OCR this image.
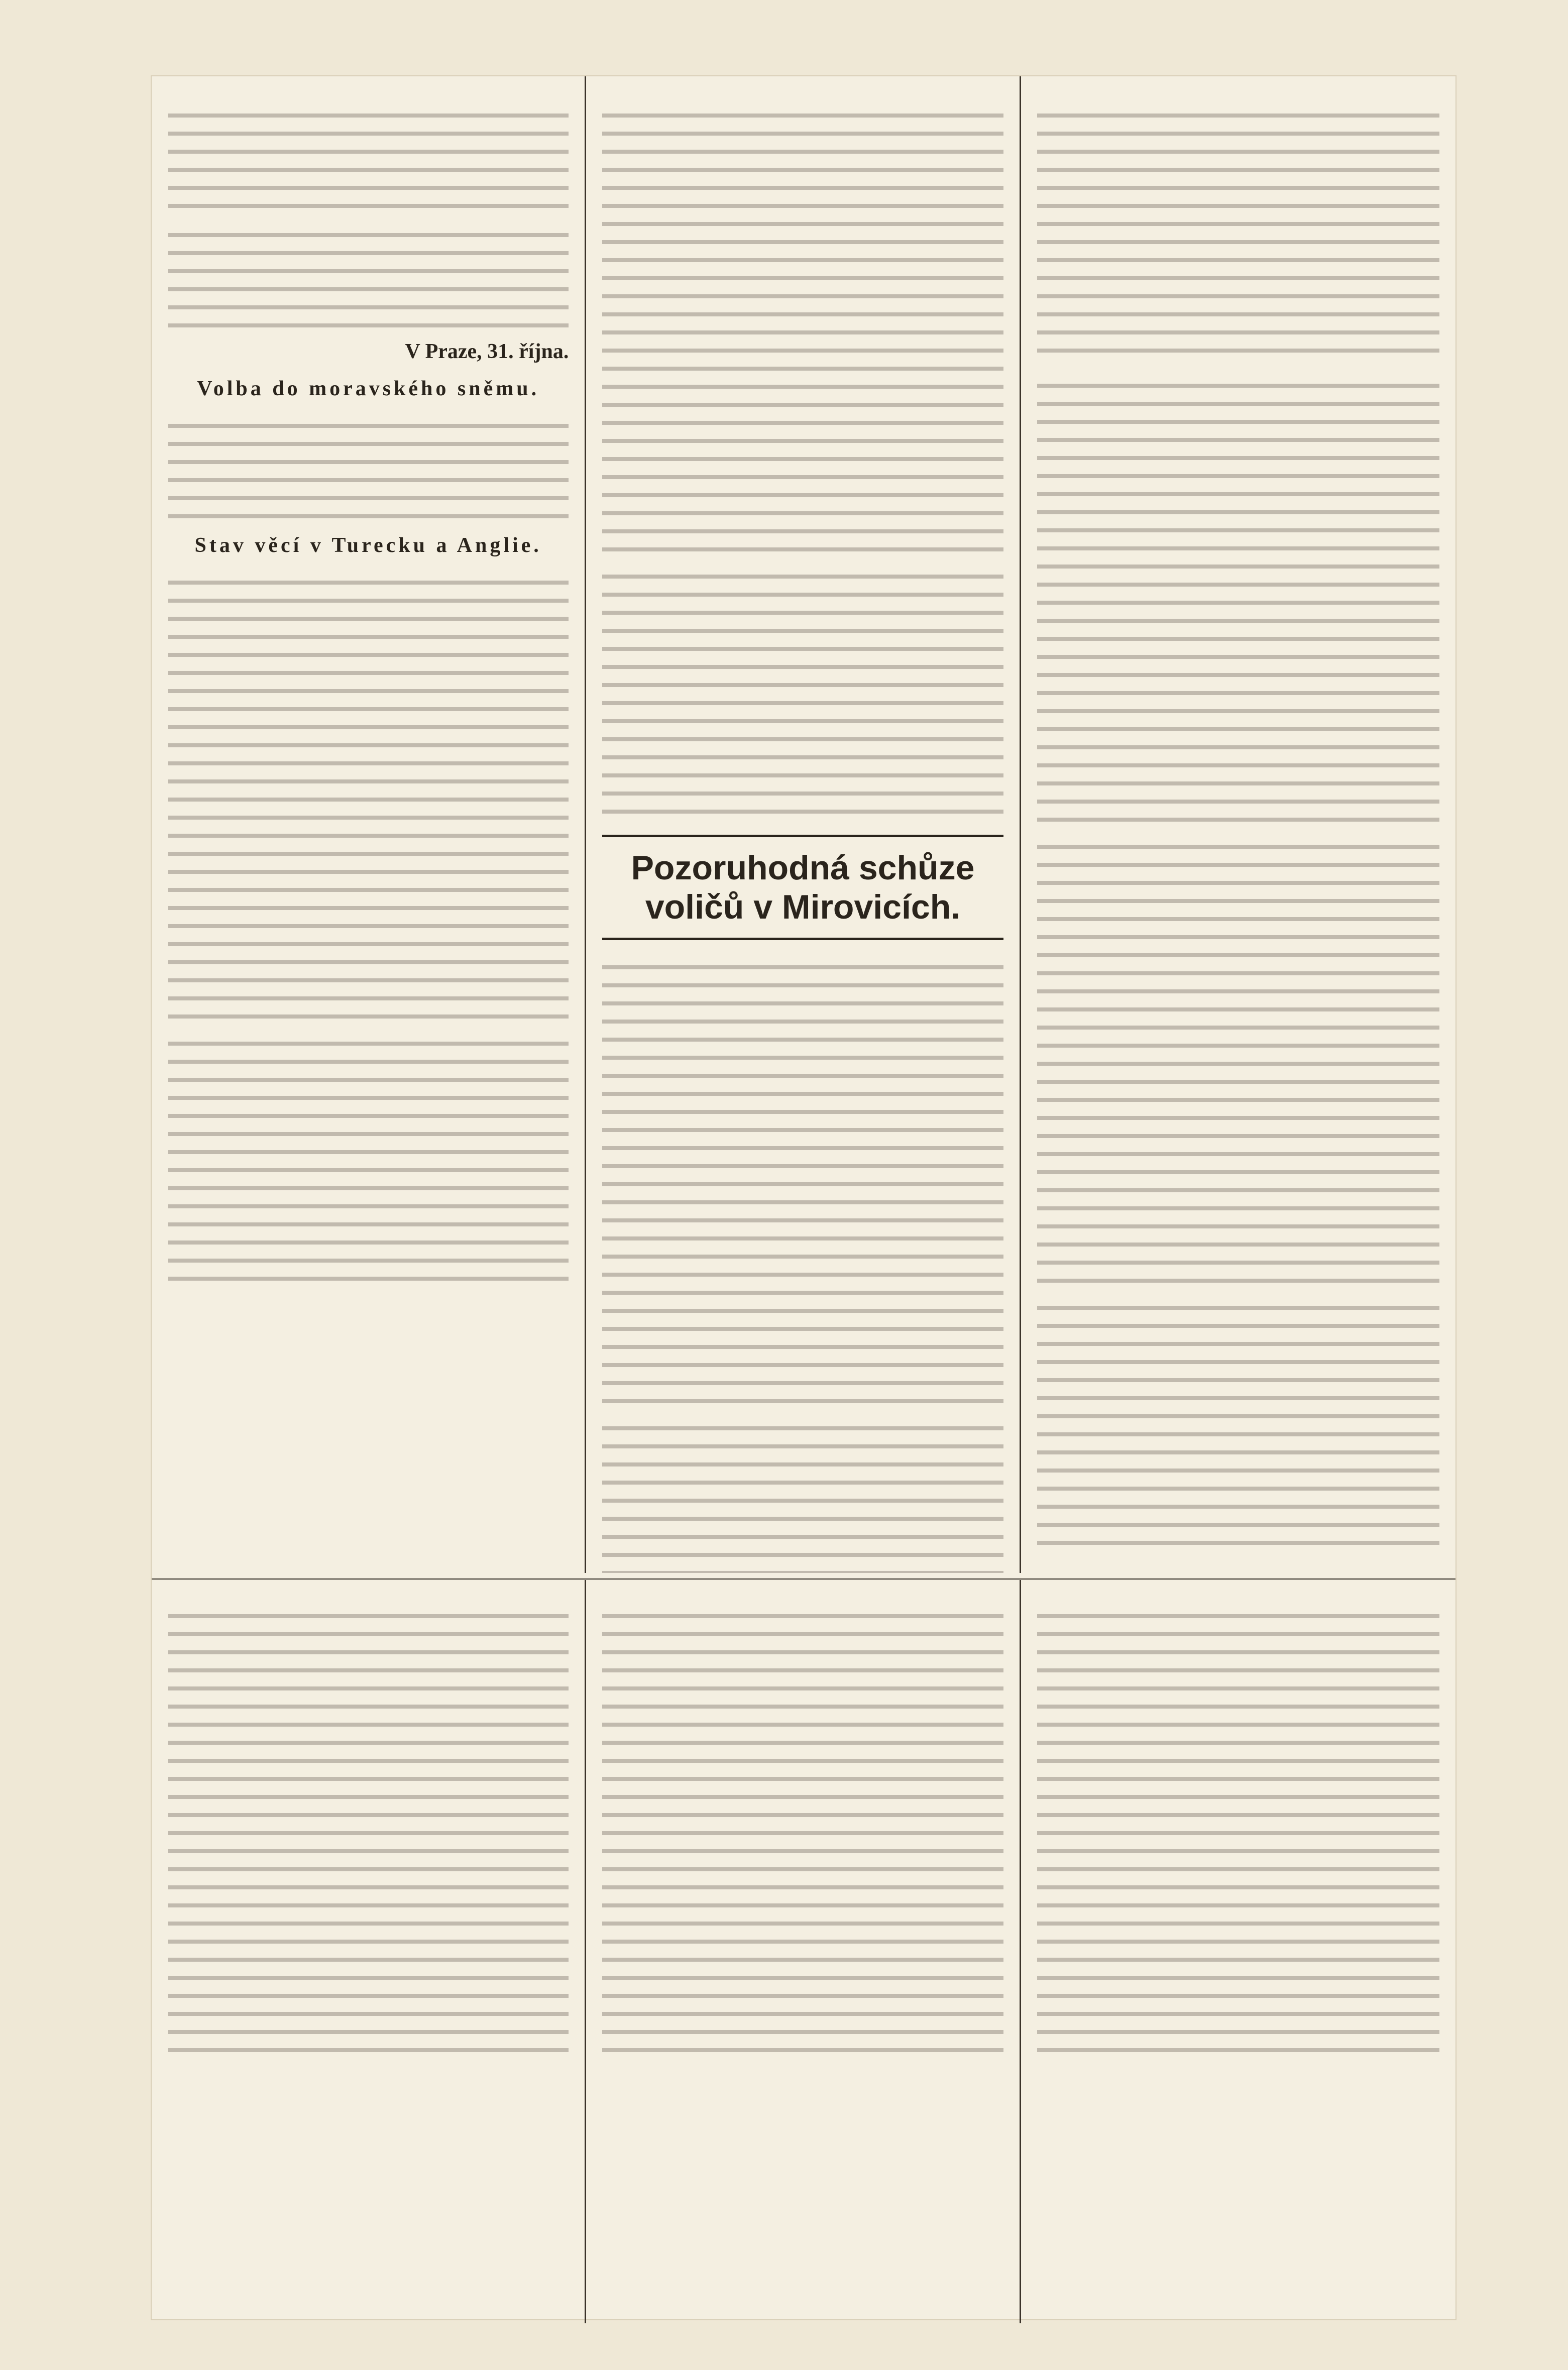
V Praze, 31. října.
Volba do moravského sněmu.

Stav věcí v Turecku a Anglie.

Pozoruhodná schůze voličů v Mirovicích.
